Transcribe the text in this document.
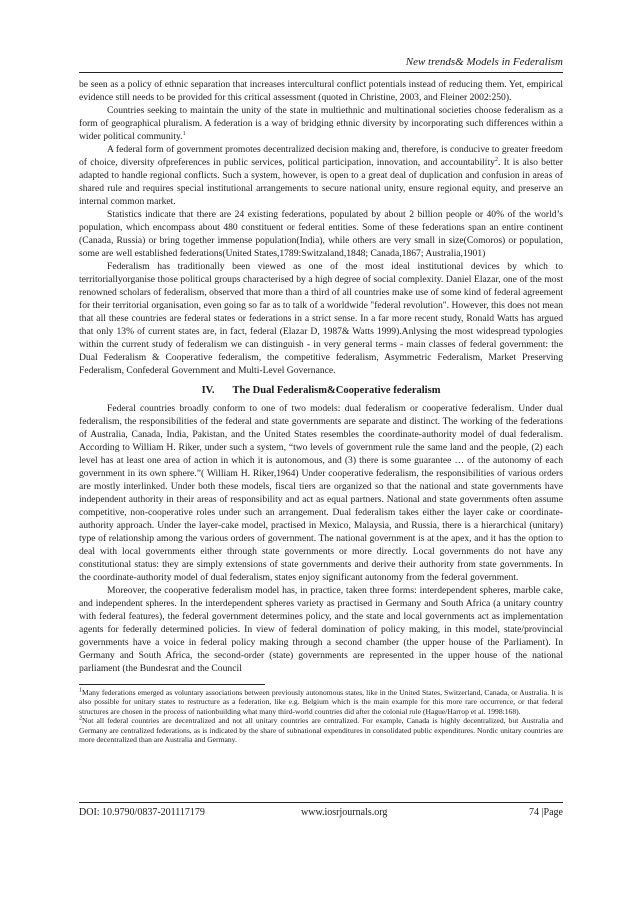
New trends& Models in Federalism

be seen as a policy of ethnic separation that increases intercultural conflict potentials instead of reducing them. Yet, empirical evidence still needs to be provided for this critical assessment (quoted in Christine, 2003, and Fleiner 2002:250).

Countries seeking to maintain the unity of the state in multiethnic and multinational societies choose federalism as a form of geographical pluralism. A federation is a way of bridging ethnic diversity by incorporating such differences within a wider political community.$^1$

A federal form of government promotes decentralized decision making and, therefore, is conducive to greater freedom of choice, diversity ofpreferences in public services, political participation, innovation, and accountability$^2$. It is also better adapted to handle regional conflicts. Such a system, however, is open to a great deal of duplication and confusion in areas of shared rule and requires special institutional arrangements to secure national unity, ensure regional equity, and preserve an internal common market.

Statistics indicate that there are 24 existing federations, populated by about 2 billion people or 40% of the world’s population, which encompass about 480 constituent or federal entities. Some of these federations span an entire continent (Canada, Russia) or bring together immense population(India), while others are very small in size(Comoros) or population, some are well established federations(United States,1789:Switzaland,1848; Canada,1867; Australia,1901)

Federalism has traditionally been viewed as one of the most ideal institutional devices by which to territoriallyorganise those political groups characterised by a high degree of social complexity. Daniel Elazar, one of the most renowned scholars of federalism, observed that more than a third of all countries make use of some kind of federal agreement for their territorial organisation, even going so far as to talk of a worldwide "federal revolution". However, this does not mean that all these countries are federal states or federations in a strict sense. In a far more recent study, Ronald Watts has argued that only 13% of current states are, in fact, federal (Elazar D, 1987& Watts 1999).Anlysing the most widespread typologies within the current study of federalism we can distinguish - in very general terms - main classes of federal government: the Dual Federalism & Cooperative federalism, the competitive federalism, Asymmetric Federalism, Market Preserving Federalism, Confederal Government and Multi-Level Governance.

IV. The Dual Federalism&Cooperative federalism

Federal countries broadly conform to one of two models: dual federalism or cooperative federalism. Under dual federalism, the responsibilities of the federal and state governments are separate and distinct. The working of the federations of Australia, Canada, India, Pakistan, and the United States resembles the coordinate-authority model of dual federalism. According to William H. Riker, under such a system, “two levels of government rule the same land and the people, (2) each level has at least one area of action in which it is autonomous, and (3) there is some guarantee … of the autonomy of each government in its own sphere.”( William H. Riker,1964) Under cooperative federalism, the responsibilities of various orders are mostly interlinked. Under both these models, fiscal tiers are organized so that the national and state governments have independent authority in their areas of responsibility and act as equal partners. National and state governments often assume competitive, non-cooperative roles under such an arrangement. Dual federalism takes either the layer cake or coordinate-authority approach. Under the layer-cake model, practised in Mexico, Malaysia, and Russia, there is a hierarchical (unitary) type of relationship among the various orders of government. The national government is at the apex, and it has the option to deal with local governments either through state governments or more directly. Local governments do not have any constitutional status: they are simply extensions of state governments and derive their authority from state governments. In the coordinate-authority model of dual federalism, states enjoy significant autonomy from the federal government.

Moreover, the cooperative federalism model has, in practice, taken three forms: interdependent spheres, marble cake, and independent spheres. In the interdependent spheres variety as practised in Germany and South Africa (a unitary country with federal features), the federal government determines policy, and the state and local governments act as implementation agents for federally determined policies. In view of federal domination of policy making, in this model, state/provincial governments have a voice in federal policy making through a second chamber (the upper house of the Parliament). In Germany and South Africa, the second-order (state) governments are represented in the upper house of the national parliament (the Bundesrat and the Council

$^1$Many federations emerged as voluntary associations between previously autonomous states, like in the United States, Switzerland, Canada, or Australia. It is also possible for unitary states to restructure as a federation, like e.g. Belgium which is the main example for this more rare occurrence, or that federal structures are chosen in the process of nationbuilding what many third-world countries did after the colonial rule (Hague/Harrop et al. 1998:168).
$^2$Not all federal countries are decentralized and not all unitary countries are centralized. For example, Canada is highly decentralized, but Australia and Germany are centralized federations, as is indicated by the share of subnational expenditures in consolidated public expenditures. Nordic unitary countries are more decentralized than are Australia and Germany.
DOI: 10.9790/0837-201117179	www.iosrjournals.org	74 |Page
